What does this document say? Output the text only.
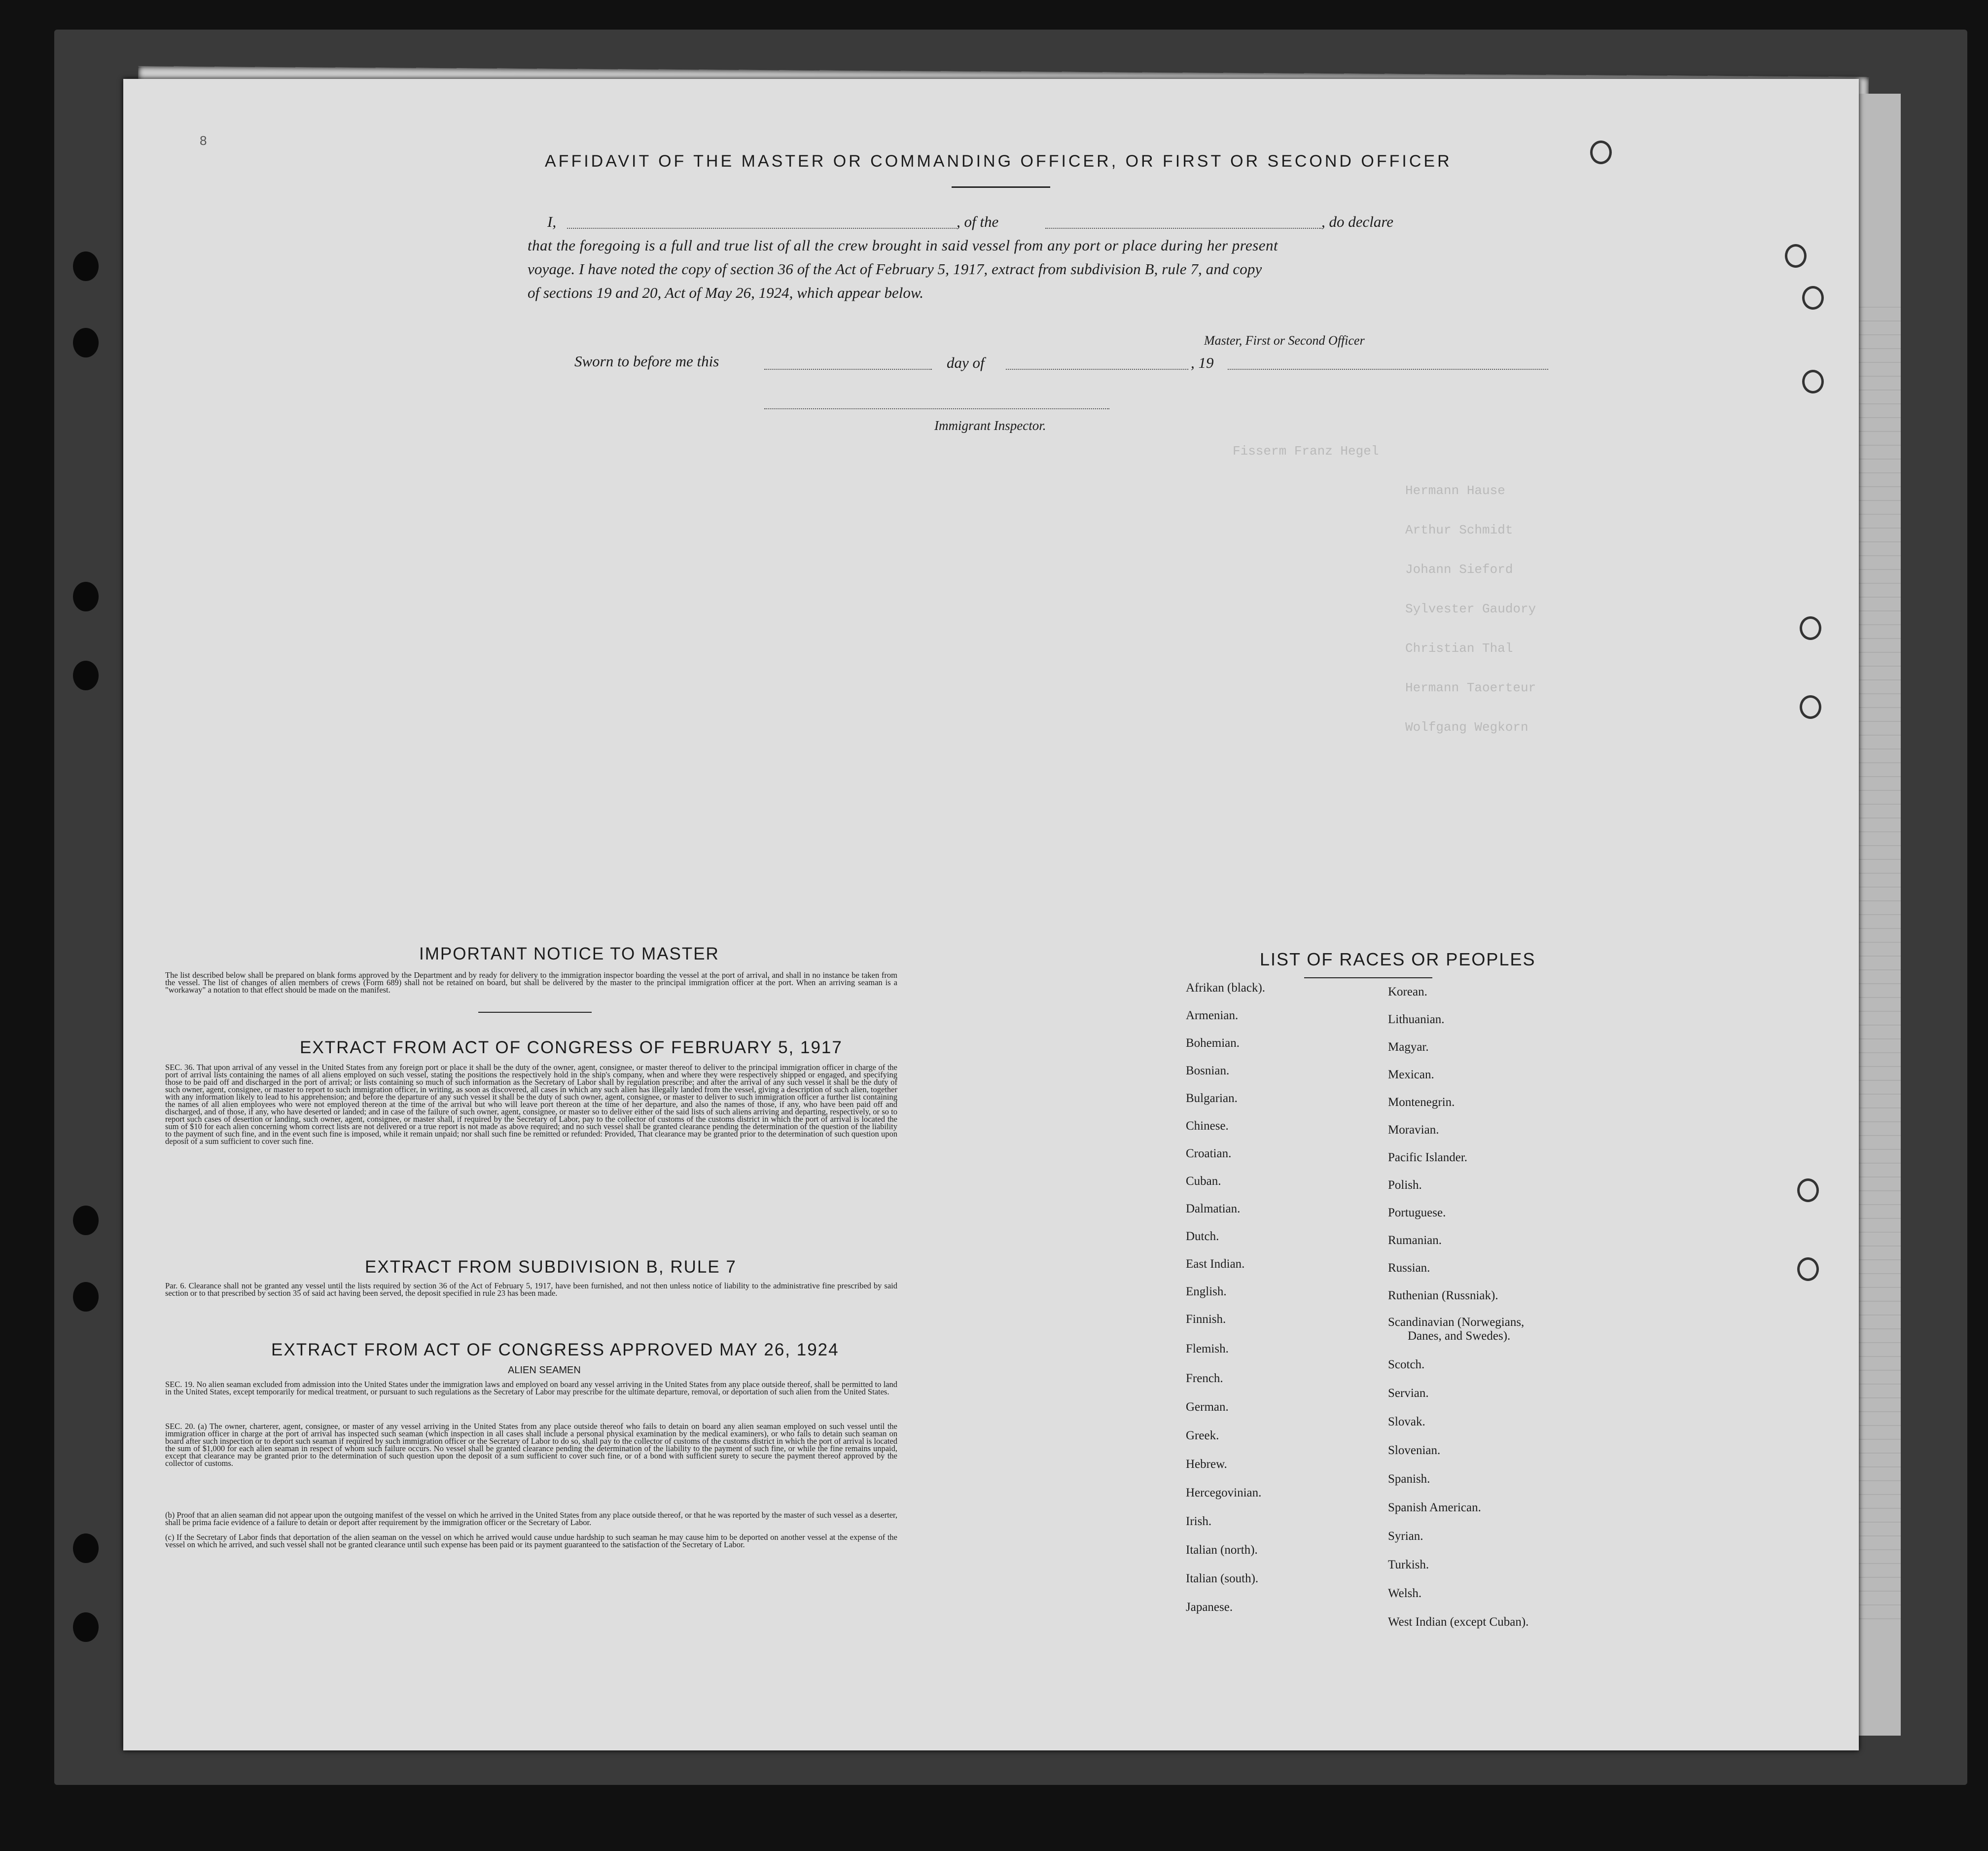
Fisserm Franz Hegel
Hermann Hause
Arthur Schmidt
Johann Sieford
Sylvester Gaudory
Christian Thal
Hermann Taoerteur
Wolfgang Wegkorn
8
AFFIDAVIT OF THE MASTER OR COMMANDING OFFICER, OR FIRST OR SECOND OFFICER
I,	, of the	, do declare
that the foregoing is a full and true list of all the crew brought in said vessel from any port or place during her present
voyage. I have noted the copy of section 36 of the Act of February 5, 1917, extract from subdivision B, rule 7, and copy
of sections 19 and 20, Act of May 26, 1924, which appear below.
Master, First or Second Officer
Sworn to before me this	day of	, 19
Immigrant Inspector.
IMPORTANT NOTICE TO MASTER
The list described below shall be prepared on blank forms approved by the Department and by ready for delivery to the immigration inspector boarding the vessel at the port of arrival, and shall in no instance be taken from the vessel. The list of changes of alien members of crews (Form 689) shall not be retained on board, but shall be delivered by the master to the principal immigration officer at the port. When an arriving seaman is a "workaway" a notation to that effect should be made on the manifest.
EXTRACT FROM ACT OF CONGRESS OF FEBRUARY 5, 1917
SEC. 36. That upon arrival of any vessel in the United States from any foreign port or place it shall be the duty of the owner, agent, consignee, or master thereof to deliver to the principal immigration officer in charge of the port of arrival lists containing the names of all aliens employed on such vessel, stating the positions the respectively hold in the ship's company, when and where they were respectively shipped or engaged, and specifying those to be paid off and discharged in the port of arrival; or lists containing so much of such information as the Secretary of Labor shall by regulation prescribe; and after the arrival of any such vessel it shall be the duty of such owner, agent, consignee, or master to report to such immigration officer, in writing, as soon as discovered, all cases in which any such alien has illegally landed from the vessel, giving a description of such alien, together with any information likely to lead to his apprehension; and before the departure of any such vessel it shall be the duty of such owner, agent, consignee, or master to deliver to such immigration officer a further list containing the names of all alien employees who were not employed thereon at the time of the arrival but who will leave port thereon at the time of her departure, and also the names of those, if any, who have been paid off and discharged, and of those, if any, who have deserted or landed; and in case of the failure of such owner, agent, consignee, or master so to deliver either of the said lists of such aliens arriving and departing, respectively, or so to report such cases of desertion or landing, such owner, agent, consignee, or master shall, if required by the Secretary of Labor, pay to the collector of customs of the customs district in which the port of arrival is located the sum of $10 for each alien concerning whom correct lists are not delivered or a true report is not made as above required; and no such vessel shall be granted clearance pending the determination of the question of the liability to the payment of such fine, and in the event such fine is imposed, while it remain unpaid; nor shall such fine be remitted or refunded: Provided, That clearance may be granted prior to the determination of such question upon deposit of a sum sufficient to cover such fine.
EXTRACT FROM SUBDIVISION B, RULE 7
Par. 6. Clearance shall not be granted any vessel until the lists required by section 36 of the Act of February 5, 1917, have been furnished, and not then unless notice of liability to the administrative fine prescribed by said section or to that prescribed by section 35 of said act having been served, the deposit specified in rule 23 has been made.
EXTRACT FROM ACT OF CONGRESS APPROVED MAY 26, 1924
ALIEN SEAMEN
SEC. 19. No alien seaman excluded from admission into the United States under the immigration laws and employed on board any vessel arriving in the United States from any place outside thereof, shall be permitted to land in the United States, except temporarily for medical treatment, or pursuant to such regulations as the Secretary of Labor may prescribe for the ultimate departure, removal, or deportation of such alien from the United States.
SEC. 20. (a) The owner, charterer, agent, consignee, or master of any vessel arriving in the United States from any place outside thereof who fails to detain on board any alien seaman employed on such vessel until the immigration officer in charge at the port of arrival has inspected such seaman (which inspection in all cases shall include a personal physical examination by the medical examiners), or who fails to detain such seaman on board after such inspection or to deport such seaman if required by such immigration officer or the Secretary of Labor to do so, shall pay to the collector of customs of the customs district in which the port of arrival is located the sum of $1,000 for each alien seaman in respect of whom such failure occurs. No vessel shall be granted clearance pending the determination of the liability to the payment of such fine, or while the fine remains unpaid, except that clearance may be granted prior to the determination of such question upon the deposit of a sum sufficient to cover such fine, or of a bond with sufficient surety to secure the payment thereof approved by the collector of customs.
(b) Proof that an alien seaman did not appear upon the outgoing manifest of the vessel on which he arrived in the United States from any place outside thereof, or that he was reported by the master of such vessel as a deserter, shall be prima facie evidence of a failure to detain or deport after requirement by the immigration officer or the Secretary of Labor.
(c) If the Secretary of Labor finds that deportation of the alien seaman on the vessel on which he arrived would cause undue hardship to such seaman he may cause him to be deported on another vessel at the expense of the vessel on which he arrived, and such vessel shall not be granted clearance until such expense has been paid or its payment guaranteed to the satisfaction of the Secretary of Labor.
LIST OF RACES OR PEOPLES
Afrikan (black).
Armenian.
Bohemian.
Bosnian.
Bulgarian.
Chinese.
Croatian.
Cuban.
Dalmatian.
Dutch.
East Indian.
English.
Finnish.
Flemish.
French.
German.
Greek.
Hebrew.
Hercegovinian.
Irish.
Italian (north).
Italian (south).
Japanese.
Korean.
Lithuanian.
Magyar.
Mexican.
Montenegrin.
Moravian.
Pacific Islander.
Polish.
Portuguese.
Rumanian.
Russian.
Ruthenian (Russniak).
Scandinavian (Norwegians,
Danes, and Swedes).
Scotch.
Servian.
Slovak.
Slovenian.
Spanish.
Spanish American.
Syrian.
Turkish.
Welsh.
West Indian (except Cuban).
